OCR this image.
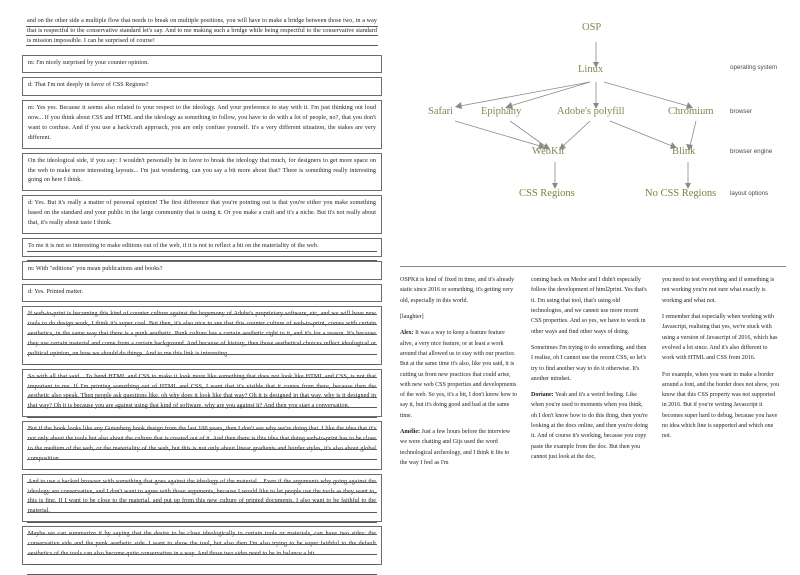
and on the other side a multiple flow that needs to break on multiple positions, you will have to make a bridge between those two, in a way that is respectful to the conservative standard let's say. And to me making such a bridge while being respectful to the conservative standard is mission impossible. I can be surprised of course!
m: I'm nicely surprised by your counter opinion.
d: That I'm not deeply in favor of CSS Regions?
m: Yes yes. Because it seems also related to your respect to the ideology. And your preference to stay with it. I'm just thinking out loud now... If you think about CSS and HTML and the ideology as something to follow, you have to do with a lot of people, no?, that you don't want to confuse. And if you use a hack/craft approach, you are only confuse yourself. It's a very different situation, the stakes are very different.
On the ideological side, if you say: I wouldn't personally be in favor to break the ideology that much, for designers to get more space on the web to make more interesting layouts... I'm just wondering, can you say a bit more about that? There is something really interesting going on here I think.
d: Yes. But it's really a matter of personal opinion! The first difference that you're pointing out is that you're either you make something based on the standard and your public in the large community that is using it. Or you make a craft and it's a niche. But it's not really about that, it's really about taste I think.
To me it is not so interesting to make editions out of the web, if it is not to reflect a bit on the materiality of the web.
m: With "editions" you mean publications and books?
d: Yes. Printed matter.
OSP
Linux
Safari	Epiphany	Adobe's polyfill	Chromium
WebKit	Blink
CSS Regions	No CSS Regions
operating system
browser
browser engine
layout options

OSPKit is kind of fixed in time, and it's already static since 2016 or something, it's getting very old, especially in this world.

[laughter]

Alex: It was a way to keep a feature feature alive, a very nice feature, or at least a work around that allowed us to stay with our practice. But at the same time it's also, like you said, it is cutting us from new practices that could arise, with new web CSS properties and developments of the web. So yes, it's a bit, I don't know how to say it, but it's doing good and bad at the same time.

Amélie: Just a few hours before the interview we were chatting and Gijs used the word technological archeology, and I think it fits to the way I feel as I'm

coming back on Medor and I didn't especially follow the development of html2print. Yes that's it. I'm using that tool, that's using old technologies, and we cannot use more recent CSS properties. And so yes, we have to work in other ways and find other ways of doing.

Sometimes I'm trying to do something, and then I realise, oh I cannot use the recent CSS, so let's try to find another way to do it otherwise. It's another mindset.

Doriane: Yeah and it's a weird feeling. Like when you're used to moments when you think, oh I don't know how to do this thing, then you're looking at the docs online, and then you're doing it. And of course it's working, because you copy paste the example from the doc. But then you cannot just look at the doc,

you need to test everything and if something is not working you're not sure what exactly is working and what not.

I remember that especially when working with Javascript, realising that yes, we're stuck with using a version of Javascript of 2016, which has evolved a lot since. And it's also different to work with HTML and CSS from 2016.

For example, when you want to make a border around a font, and the border does not show, you know that this CSS property was not supported in 2016. But if you're writing Javascript it becomes super hard to debug, because you have no idea which line is supported and which one not.
